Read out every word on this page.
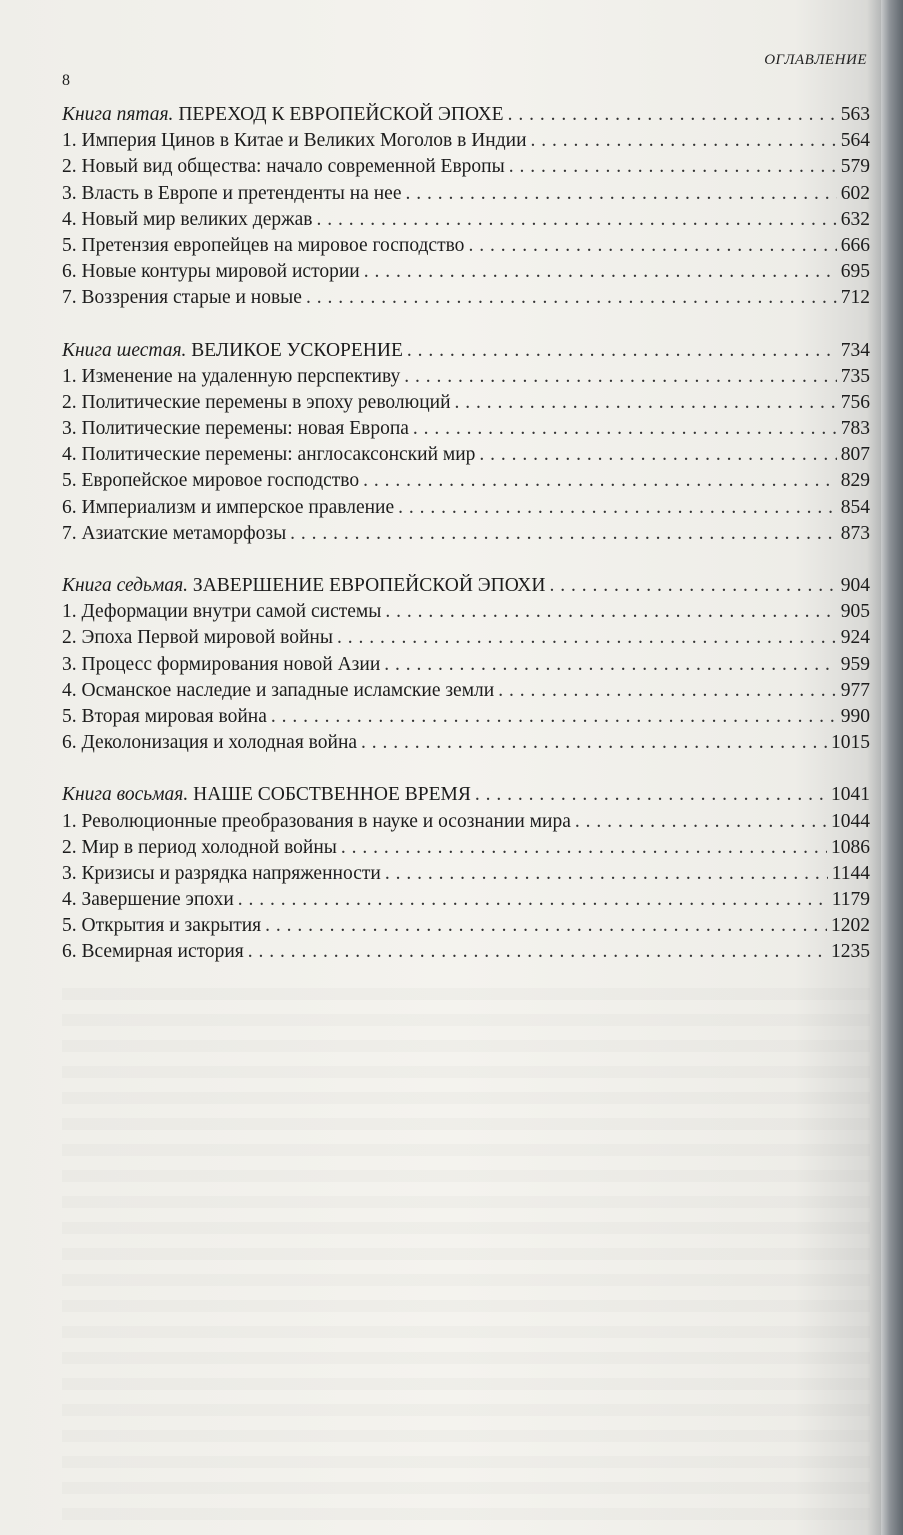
ОГЛАВЛЕНИЕ
8
Книга пятая. ПЕРЕХОД К ЕВРОПЕЙСКОЙ ЭПОХЕ . . .	563
1. Империя Цинов в Китае и Великих Моголов в Индии . . .	564
2. Новый вид общества: начало современной Европы . . .	579
3. Власть в Европе и претенденты на нее . . .	602
4. Новый мир великих держав . . .	632
5. Претензия европейцев на мировое господство . . .	666
6. Новые контуры мировой истории . . .	695
7. Воззрения старые и новые . . .	712
Книга шестая. ВЕЛИКОЕ УСКОРЕНИЕ . . .	734
1. Изменение на удаленную перспективу . . .	735
2. Политические перемены в эпоху революций . . .	756
3. Политические перемены: новая Европа . . .	783
4. Политические перемены: англосаксонский мир . . .	807
5. Европейское мировое господство . . .	829
6. Империализм и имперское правление . . .	854
7. Азиатские метаморфозы . . .	873
Книга седьмая. ЗАВЕРШЕНИЕ ЕВРОПЕЙСКОЙ ЭПОХИ . . .	904
1. Деформации внутри самой системы . . .	905
2. Эпоха Первой мировой войны . . .	924
3. Процесс формирования новой Азии . . .	959
4. Османское наследие и западные исламские земли . . .	977
5. Вторая мировая война . . .	990
6. Деколонизация и холодная война . . .	1015
Книга восьмая. НАШЕ СОБСТВЕННОЕ ВРЕМЯ . . .	1041
1. Революционные преобразования в науке и осознании мира . . .	1044
2. Мир в период холодной войны . . .	1086
3. Кризисы и разрядка напряженности . . .	1144
4. Завершение эпохи . . .	1179
5. Открытия и закрытия . . .	1202
6. Всемирная история . . .	1235
